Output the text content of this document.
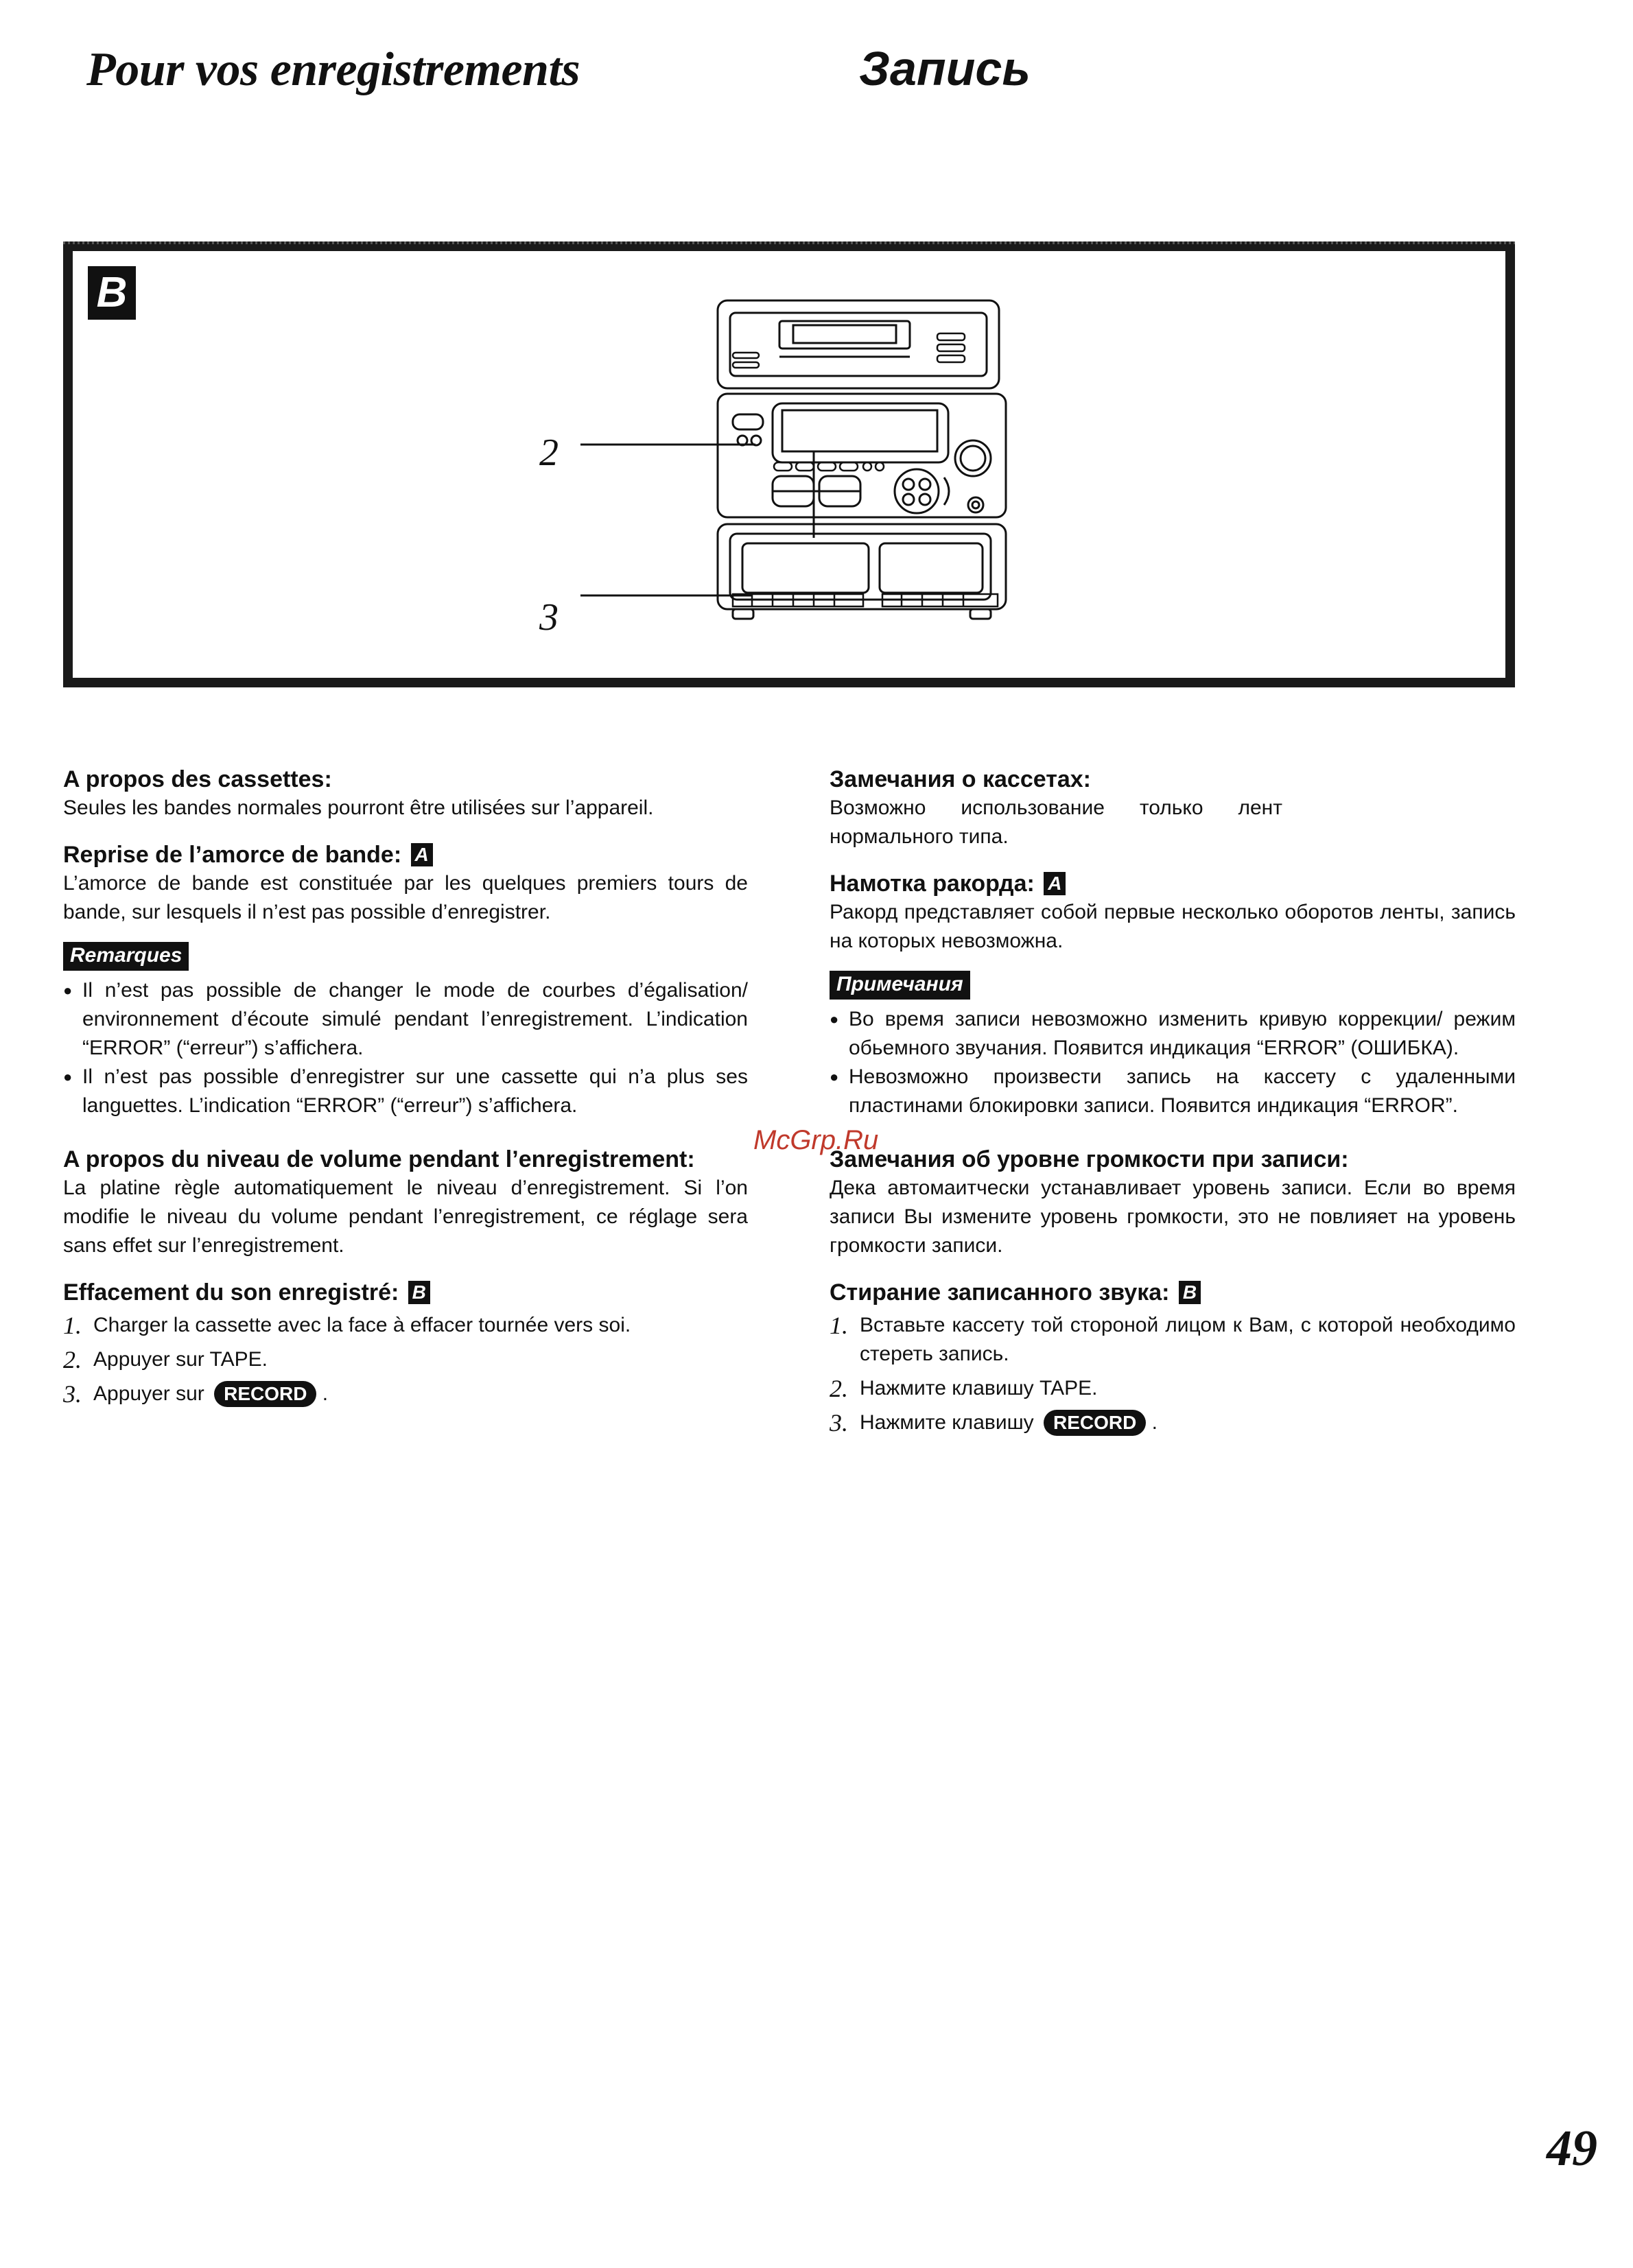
Pour vos enregistrements	Запись
B
2
3
A propos des cassettes:

Seules les bandes normales pourront être utilisées sur l’appareil.

Reprise de l’amorce de bande: A

L’amorce de bande est constituée par les quelques premiers tours de bande, sur lesquels il n’est pas possible d’enregistrer.

Remarques
● Il n’est pas possible de changer le mode de courbes d’égalisation/ environnement d’écoute simulé pendant l’enregistrement. L’indication “ERROR” (“erreur”) s’affichera.
● Il n’est pas possible d’enregistrer sur une cassette qui n’a plus ses languettes. L’indication “ERROR” (“erreur”) s’affichera.
A propos du niveau de volume pendant l’enregistrement:

La platine règle automatiquement le niveau d’enregistrement. Si l’on modifie le niveau du volume pendant l’enregistrement, ce réglage sera sans effet sur l’enregistrement.

Effacement du son enregistré: B
1. Charger la cassette avec la face à effacer tournée vers soi.
2. Appuyer sur TAPE.
3. Appuyer sur RECORD .
Замечания о кассетах:

Возможно использование только лент нормального типа.

Намотка ракорда: A

Ракорд представляет собой первые несколько оборотов ленты, запись на которых невозможна.

Примечания
● Во время записи невозможно изменить кривую коррекции/ режим обьемного звучания. Появится индикация “ERROR” (ОШИБКА).
● Невозможно произвести запись на кассету с удаленными пластинами блокировки записи. Появится индикация “ERROR”.
Замечания об уровне громкости при записи:

Дека автомаитчески устанавливает уровень записи. Если во время записи Вы измените уровень громкости, это не повлияет на уровень громкости записи.

Стирание записанного звука: B
1. Вставьте кассету той стороной лицом к Вам, с которой необходимо стереть запись.
2. Нажмите клавишу TAPE.
3. Нажмите клавишу RECORD .
McGrp.Ru
49
